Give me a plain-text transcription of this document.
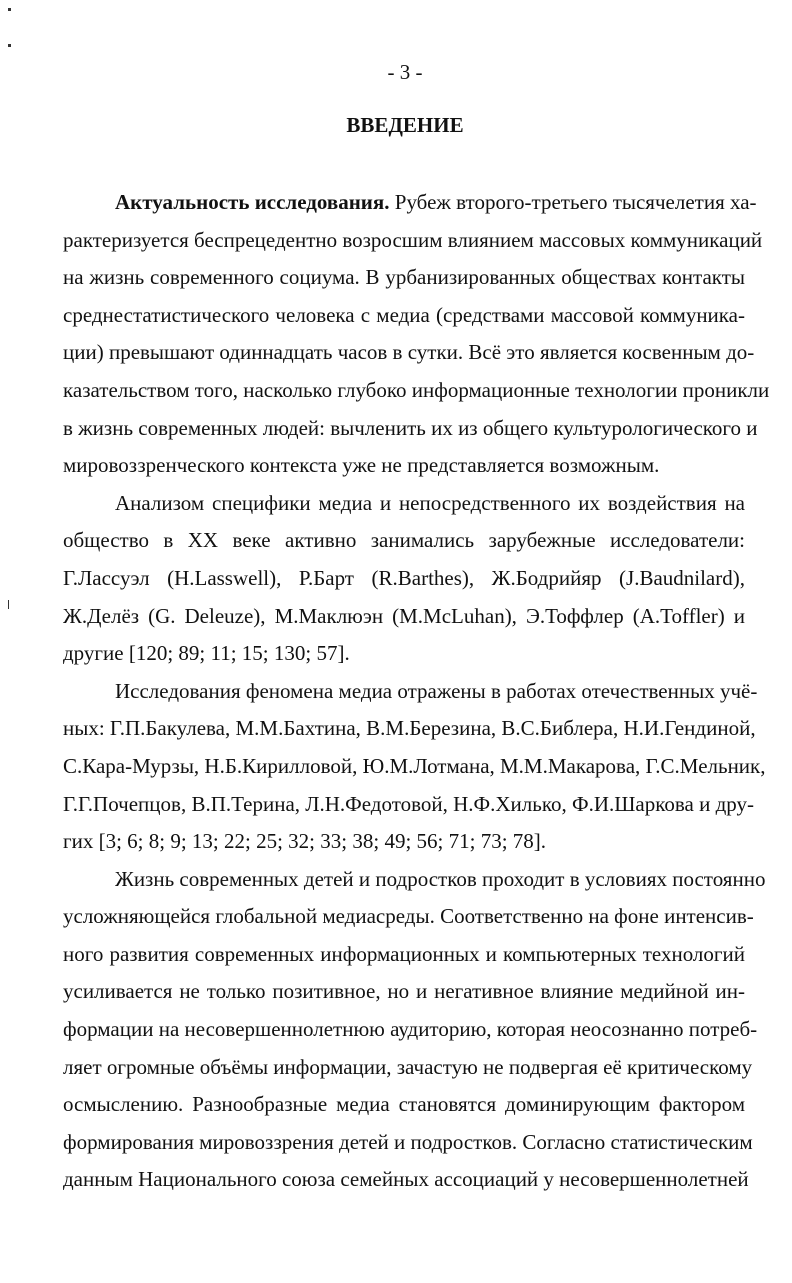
- 3 -
ВВЕДЕНИЕ

Актуальность исследования. Рубеж второго-третьего тысячелетия ха-
рактеризуется беспрецедентно возросшим влиянием массовых коммуникаций
на жизнь современного социума. В урбанизированных обществах контакты
среднестатистического человека с медиа (средствами массовой коммуника-
ции) превышают одиннадцать часов в сутки. Всё это является косвенным до-
казательством того, насколько глубоко информационные технологии проникли
в жизнь современных людей: вычленить их из общего культурологического и
мировоззренческого контекста уже не представляется возможным.

Анализом специфики медиа и непосредственного их воздействия на
общество в XX веке активно занимались зарубежные исследователи:
Г.Лассуэл (H.Lasswell), Р.Барт (R.Barthes), Ж.Бодрийяр (J.Baudnilard),
Ж.Делёз (G. Deleuze), М.Маклюэн (M.McLuhan), Э.Тоффлер (A.Toffler) и
другие [120; 89; 11; 15; 130; 57].

Исследования феномена медиа отражены в работах отечественных учё-
ных: Г.П.Бакулева, М.М.Бахтина, В.М.Березина, В.С.Библера, Н.И.Гендиной,
С.Кара-Мурзы, Н.Б.Кирилловой, Ю.М.Лотмана, М.М.Макарова, Г.С.Мельник,
Г.Г.Почепцов, В.П.Терина, Л.Н.Федотовой, Н.Ф.Хилько, Ф.И.Шаркова и дру-
гих [3; 6; 8; 9; 13; 22; 25; 32; 33; 38; 49; 56; 71; 73; 78].

Жизнь современных детей и подростков проходит в условиях постоянно
усложняющейся глобальной медиасреды. Соответственно на фоне интенсив-
ного развития современных информационных и компьютерных технологий
усиливается не только позитивное, но и негативное влияние медийной ин-
формации на несовершеннолетнюю аудиторию, которая неосознанно потреб-
ляет огромные объёмы информации, зачастую не подвергая её критическому
осмыслению. Разнообразные медиа становятся доминирующим фактором
формирования мировоззрения детей и подростков. Согласно статистическим
данным Национального союза семейных ассоциаций у несовершеннолетней
